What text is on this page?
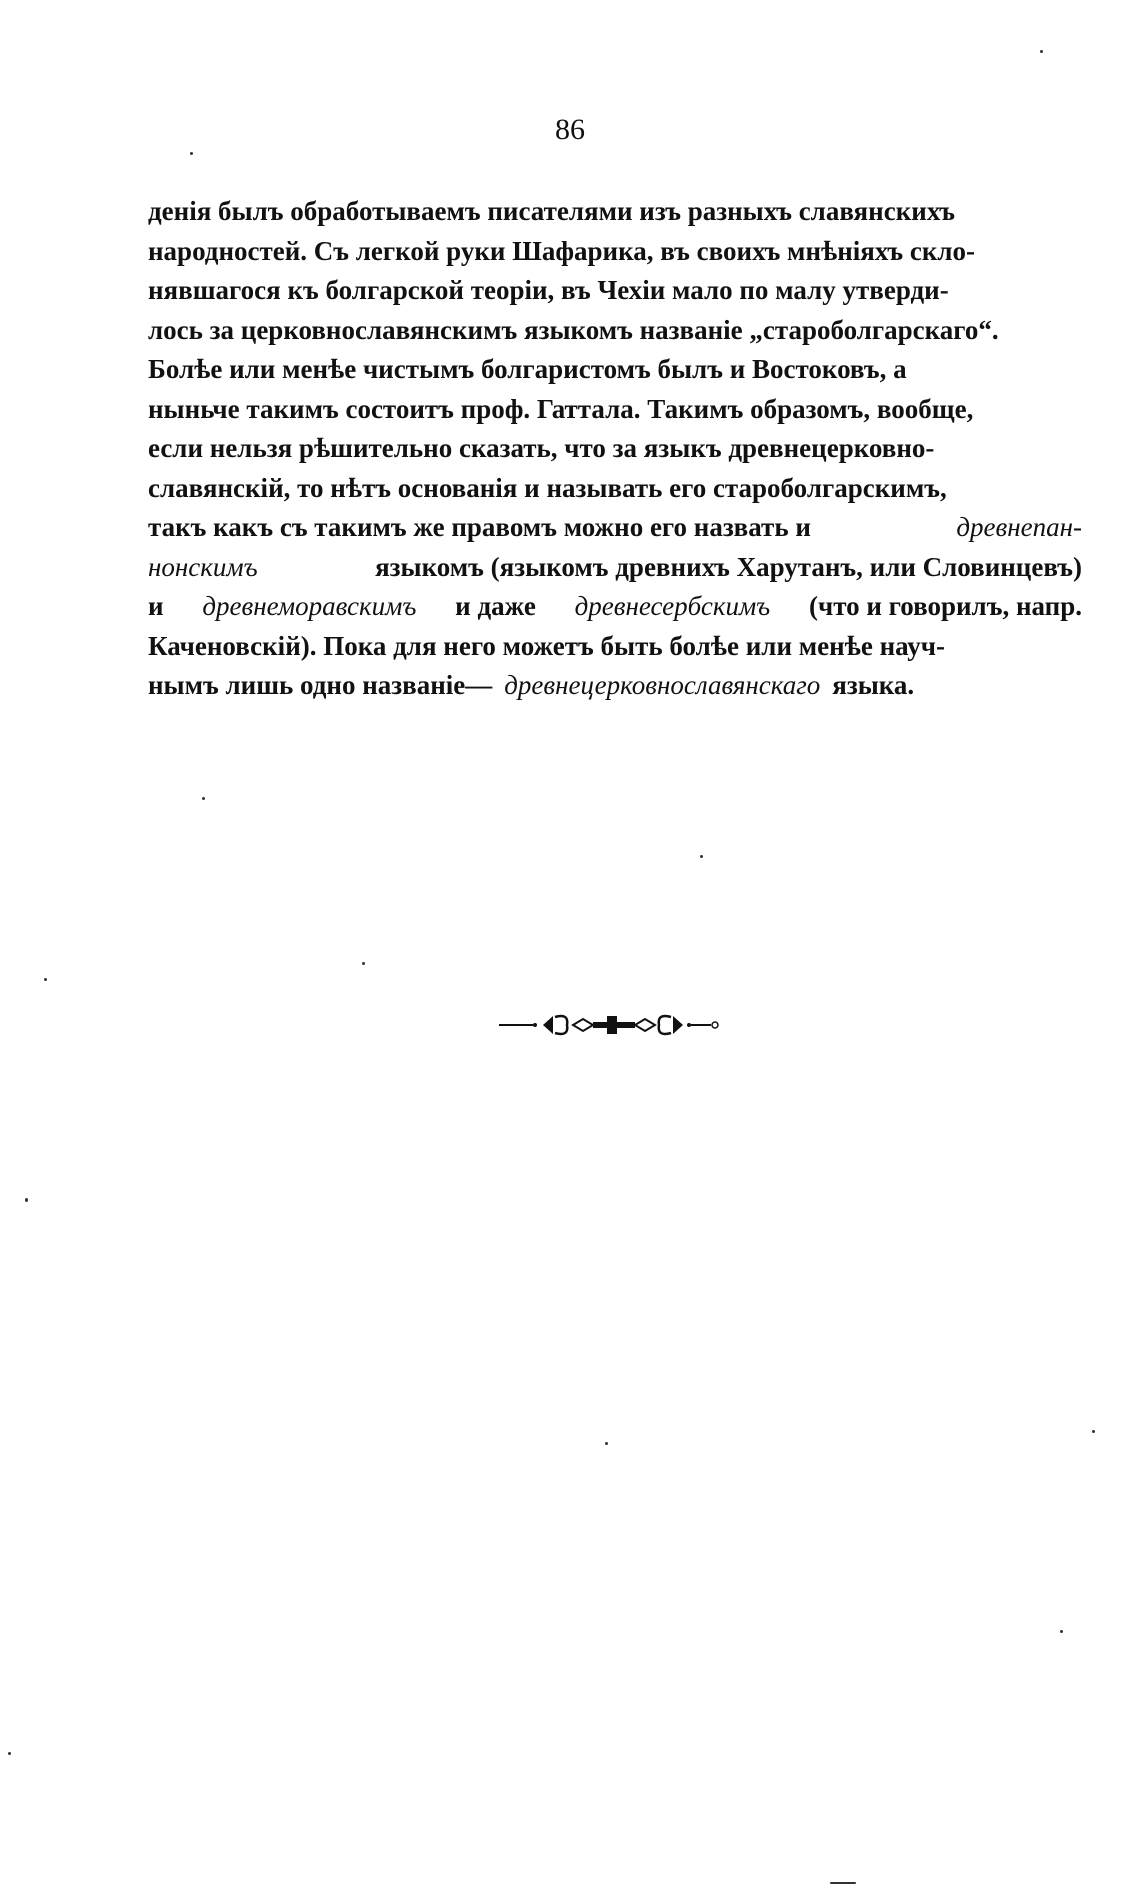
86
денія былъ обработываемъ писателями изъ разныхъ славянскихъ
народностей. Съ легкой руки Шафарика, въ своихъ мнѣніяхъ скло-
нявшагося къ болгарской теоріи, въ Чехіи мало по малу утверди-
лось за церковнославянскимъ языкомъ названіе „староболгарскаго“.
Болѣе или менѣе чистымъ болгаристомъ былъ и Востоковъ, а
ныньче такимъ состоитъ проф. Гаттала. Такимъ образомъ, вообще,
если нельзя рѣшительно сказать, что за языкъ древнецерковно-
славянскій, то нѣтъ основанія и называть его староболгарскимъ,
такъ какъ съ такимъ же правомъ можно его назвать и	древнепан-
нонскимъ	языкомъ (языкомъ древнихъ Харутанъ, или Словинцевъ)
и древнеморавскимъ и даже древнесербскимъ (что и говорилъ, напр.
Каченовскій). Пока для него можетъ быть болѣе или менѣе науч-
нымъ лишь одно названіе— древнецерковнославянскаго языка.
